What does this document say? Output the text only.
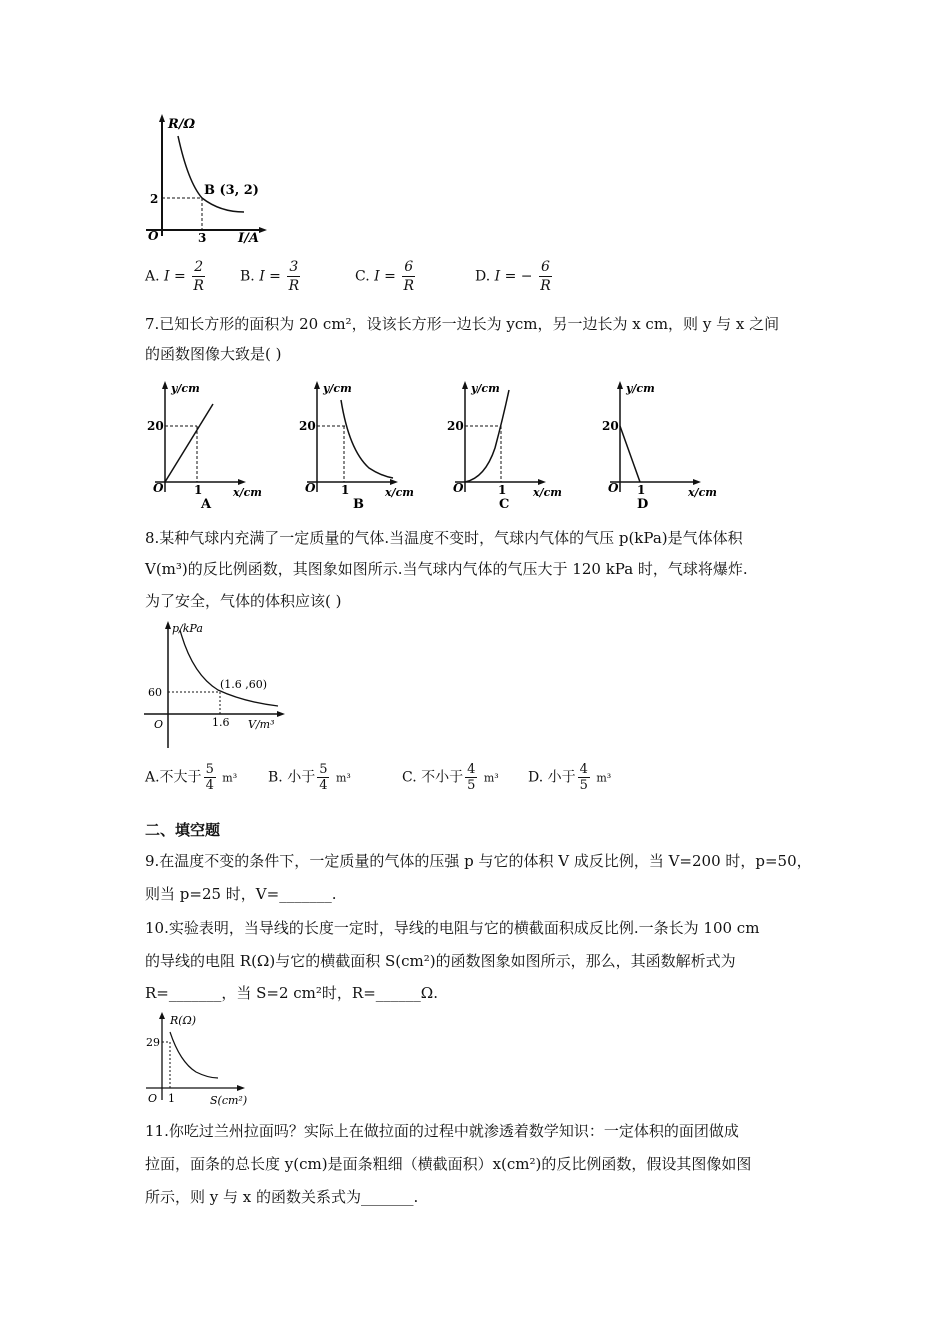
R/Ω
B (3, 2)
2
O	3 I/A
A. $I = \frac{2}{R} B$. $I = \frac{3}{R}$	C. $I = \frac{6}{R}$	D. I = − $\frac{6}{R}$
7.已知长方形的面积为 20 cm²，设该长方形一边长为 ycm，另一边长为 x cm，则 y 与 x 之间
的函数图像大致是( )
y/cm
20
O	1	x/cm
A
y/cm
20
O 1	x/cm
B
y/cm
20
O	1 x/cm
C
y/cm
20
O 1	x/cm
D
8.某种气球内充满了一定质量的气体.当温度不变时，气球内气体的气压 p(kPa)是气体体积
V(m³)的反比例函数，其图象如图所示.当气球内气体的气压大于 120 kPa 时，气球将爆炸.
为了安全，气体的体积应该( )
p/kPa
(1.6 ,60)
60
O	1.6 V/m³
A.不大于 $\frac{5}{4} m^3$ B. 小于 $\frac{5}{4} m^3$	C. 不小于 $\frac{4}{5} m^3$ D. 小于 $\frac{4}{5} m^3$
二、填空题
9.在温度不变的条件下，一定质量的气体的压强 p 与它的体积 V 成反比例，当 V=200 时，p=50，
则当 p=25 时，V=_______.
10.实验表明，当导线的长度一定时，导线的电阻与它的横截面积成反比例.一条长为 100 cm
的导线的电阻 R(Ω)与它的横截面积 S(cm²)的函数图象如图所示，那么，其函数解析式为
R=_______，当 S=2 cm²时，R=______Ω.
R(Ω)
29
O 1	S(cm²)
11.你吃过兰州拉面吗？实际上在做拉面的过程中就渗透着数学知识：一定体积的面团做成
拉面，面条的总长度 y(cm)是面条粗细（横截面积）x(cm²)的反比例函数，假设其图像如图
所示，则 y 与 x 的函数关系式为_______.
